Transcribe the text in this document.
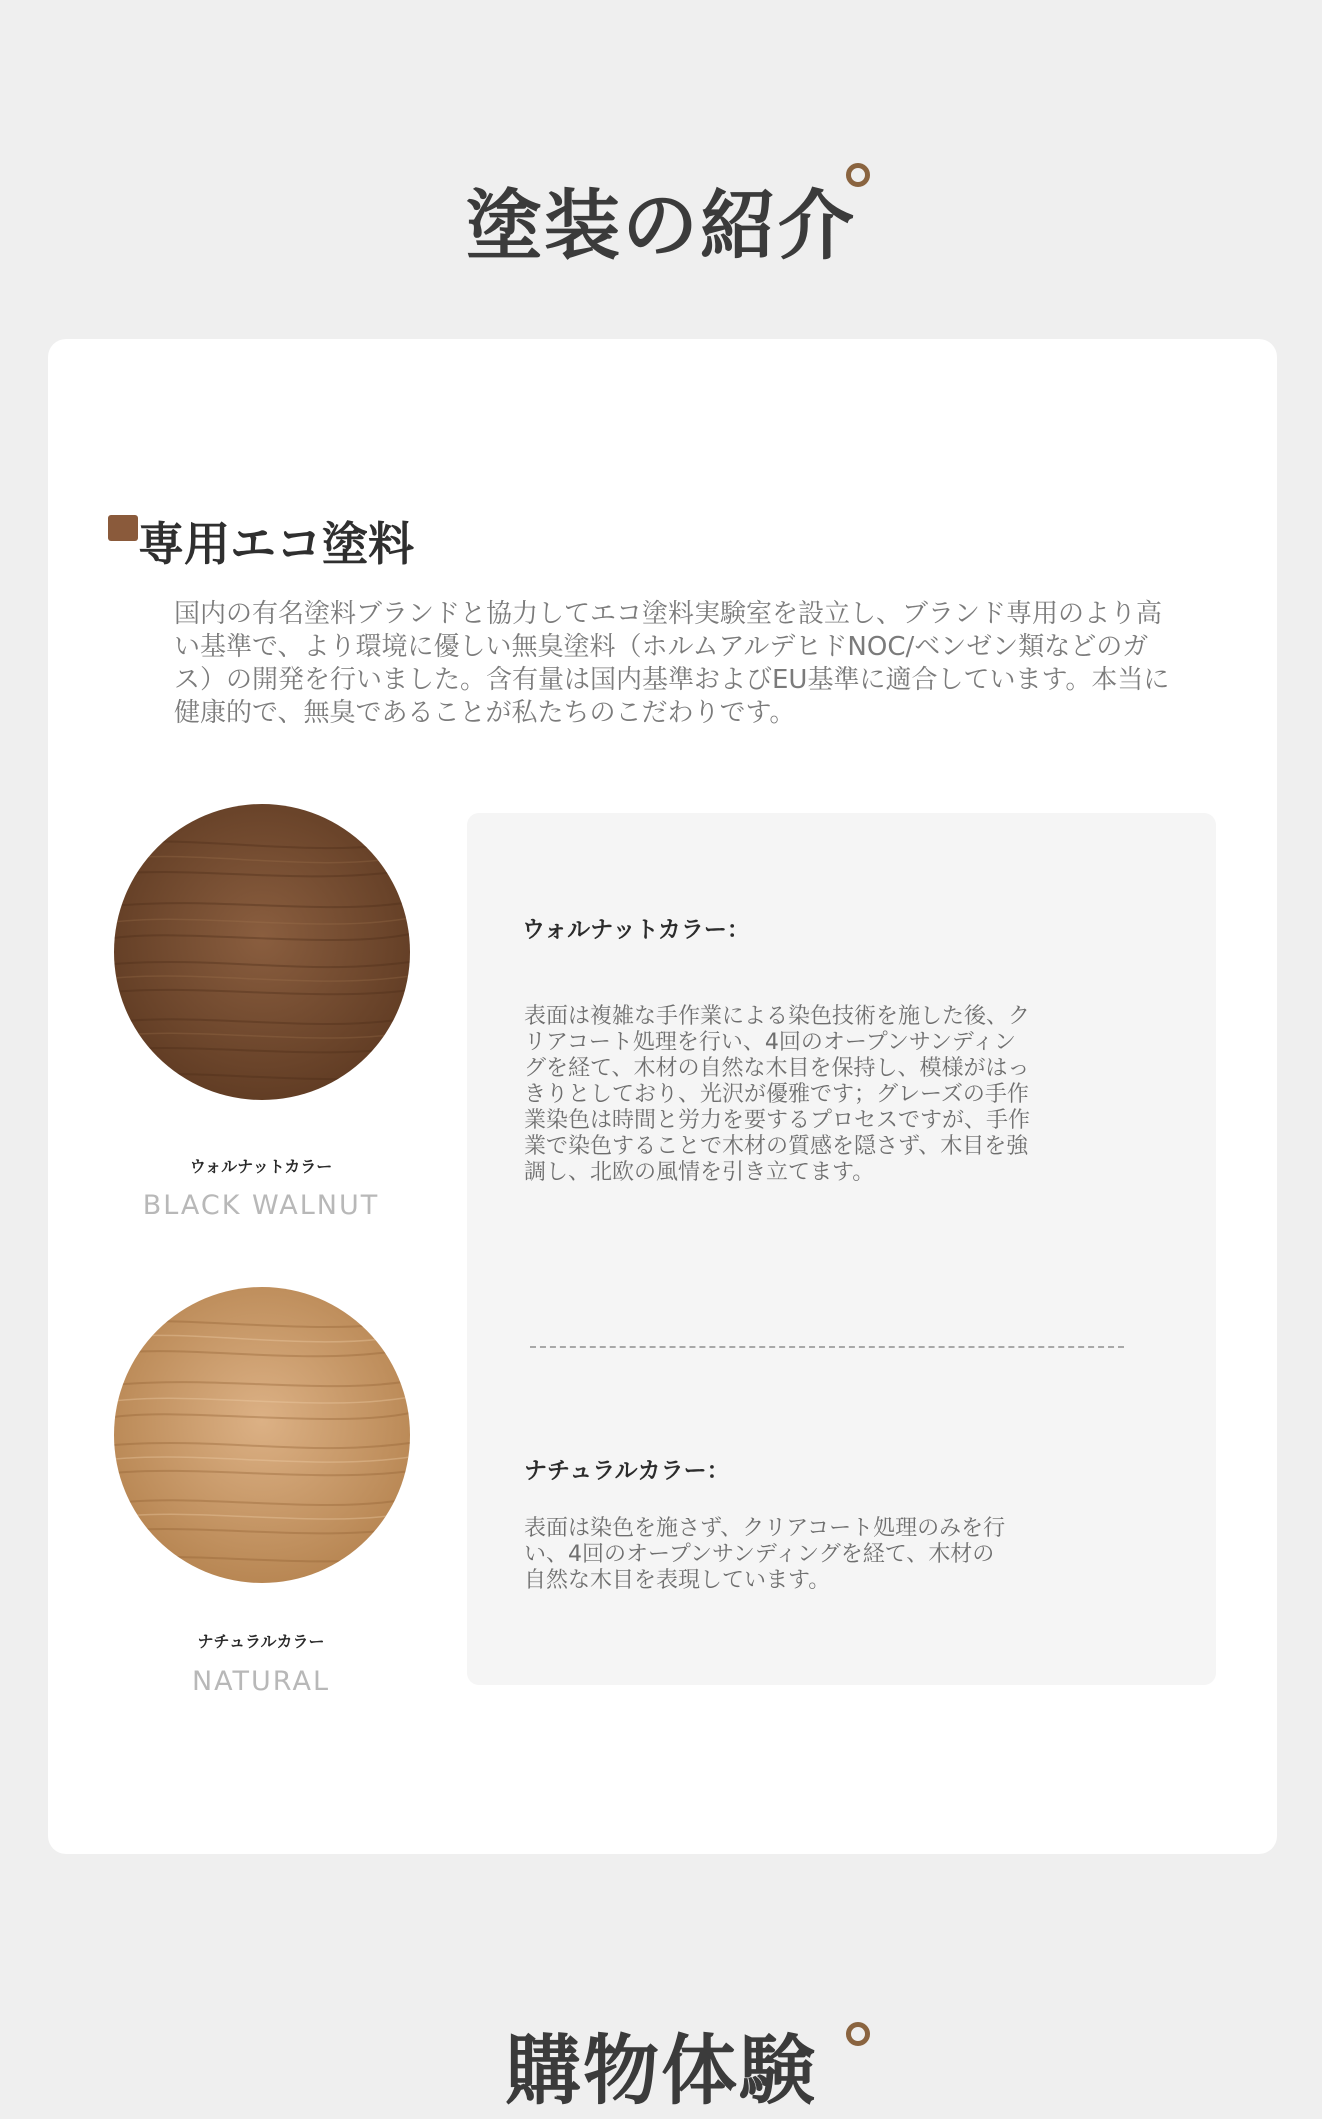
塗装の紹介
専用エコ塗料

国内の有名塗料ブランドと協力してエコ塗料実験室を設立し、ブランド専用のより高い基準で、より環境に優しい無臭塗料（ホルムアルデヒドNOC/ベンゼン類などのガス）の開発を行いました。含有量は国内基準およびEU基準に適合しています。本当に健康的で、無臭であることが私たちのこだわりです。

ウォルナットカラー
BLACK WALNUT
ナチュラルカラー
NATURAL
ウォルナットカラー：

表面は複雑な手作業による染色技術を施した後、クリアコート処理を行い、4回のオープンサンディングを経て、木材の自然な木目を保持し、模様がはっきりとしており、光沢が優雅です；グレーズの手作業染色は時間と労力を要するプロセスですが、手作業で染色することで木材の質感を隠さず、木目を強調し、北欧の風情を引き立てます。

ナチュラルカラー：

表面は染色を施さず、クリアコート処理のみを行い、4回のオープンサンディングを経て、木材の自然な木目を表現しています。

購物体験
